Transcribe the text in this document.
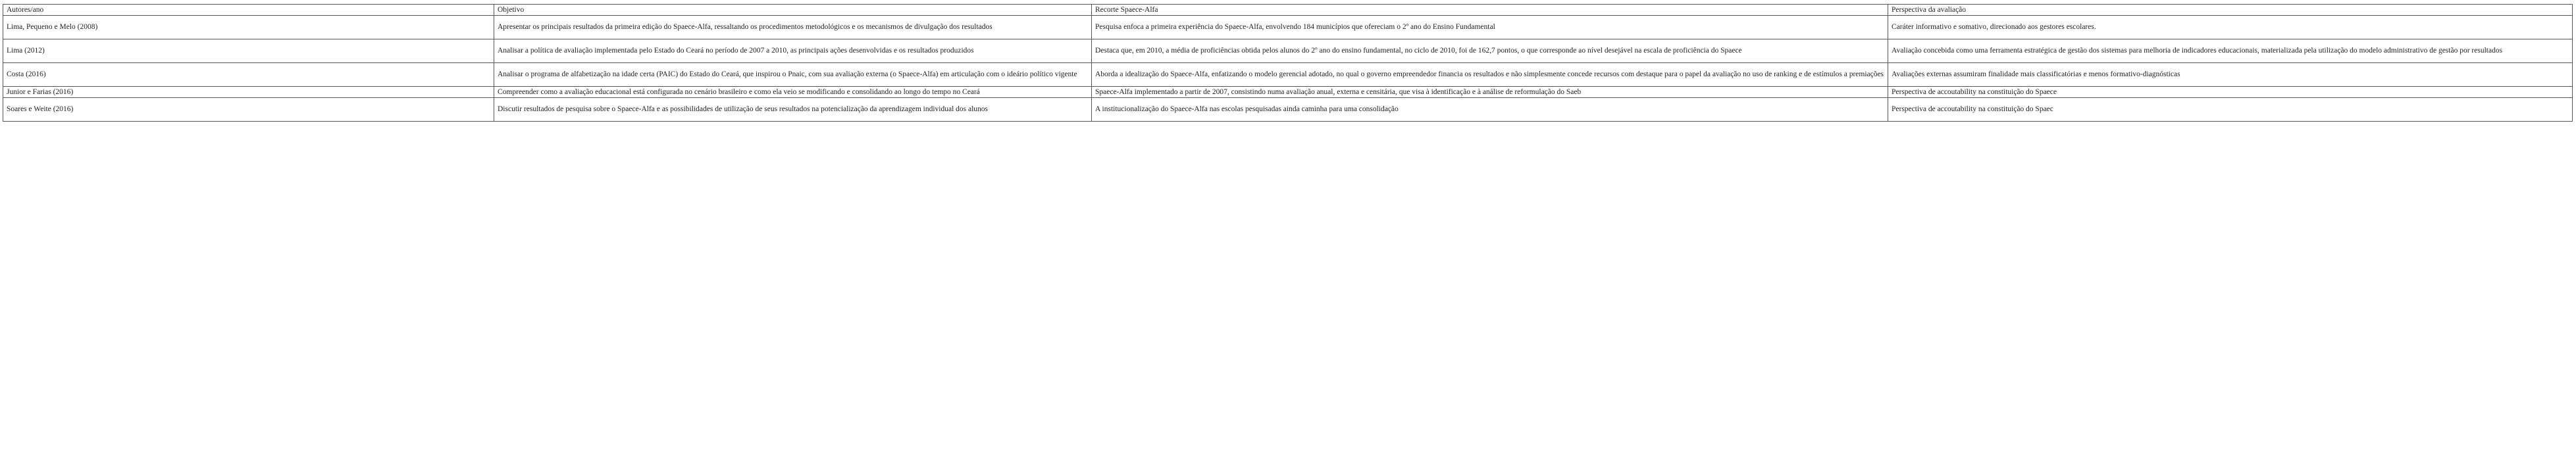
Autores/ano	Objetivo	Recorte Spaece-Alfa	Perspectiva da avaliação
Lima, Pequeno e Melo (2008)	Apresentar os principais resultados da primeira edição do Spaece-Alfa, ressaltando os procedimentos metodológicos e os mecanismos de divulgação dos resultados	Pesquisa enfoca a primeira experiência do Spaece-Alfa, envolvendo 184 municípios que ofereciam o 2º ano do Ensino Fundamental	Caráter informativo e somativo, direcionado aos gestores escolares.
Lima (2012)	Analisar a política de avaliação implementada pelo Estado do Ceará no período de 2007 a 2010, as principais ações desenvolvidas e os resultados produzidos	Destaca que, em 2010, a média de proficiências obtida pelos alunos do 2º ano do ensino fundamental, no ciclo de 2010, foi de 162,7 pontos, o que corresponde ao nível desejável na escala de proficiência do Spaece	Avaliação concebida como uma ferramenta estratégica de gestão dos sistemas para melhoria de indicadores educacionais, materializada pela utilização do modelo administrativo de gestão por resultados
Costa (2016)	Analisar o programa de alfabetização na idade certa (PAIC) do Estado do Ceará, que inspirou o Pnaic, com sua avaliação externa (o Spaece-Alfa) em articulação com o ideário político vigente	Aborda a idealização do Spaece-Alfa, enfatizando o modelo gerencial adotado, no qual o governo empreendedor financia os resultados e não simplesmente concede recursos com destaque para o papel da avaliação no uso de ranking e de estímulos a premiações	Avaliações externas assumiram finalidade mais classificatórias e menos formativo-diagnósticas
Junior e Farias (2016)	Compreender como a avaliação educacional está configurada no cenário brasileiro e como ela veio se modificando e consolidando ao longo do tempo no Ceará	Spaece-Alfa implementado a partir de 2007, consistindo numa avaliação anual, externa e censitária, que visa à identificação e à análise de reformulação do Saeb	Perspectiva de accoutability na constituição do Spaece
Soares e Weite (2016)	Discutir resultados de pesquisa sobre o Spaece-Alfa e as possibilidades de utilização de seus resultados na potencialização da aprendizagem individual dos alunos	A institucionalização do Spaece-Alfa nas escolas pesquisadas ainda caminha para uma consolidação	Perspectiva de accoutability na constituição do Spaec
